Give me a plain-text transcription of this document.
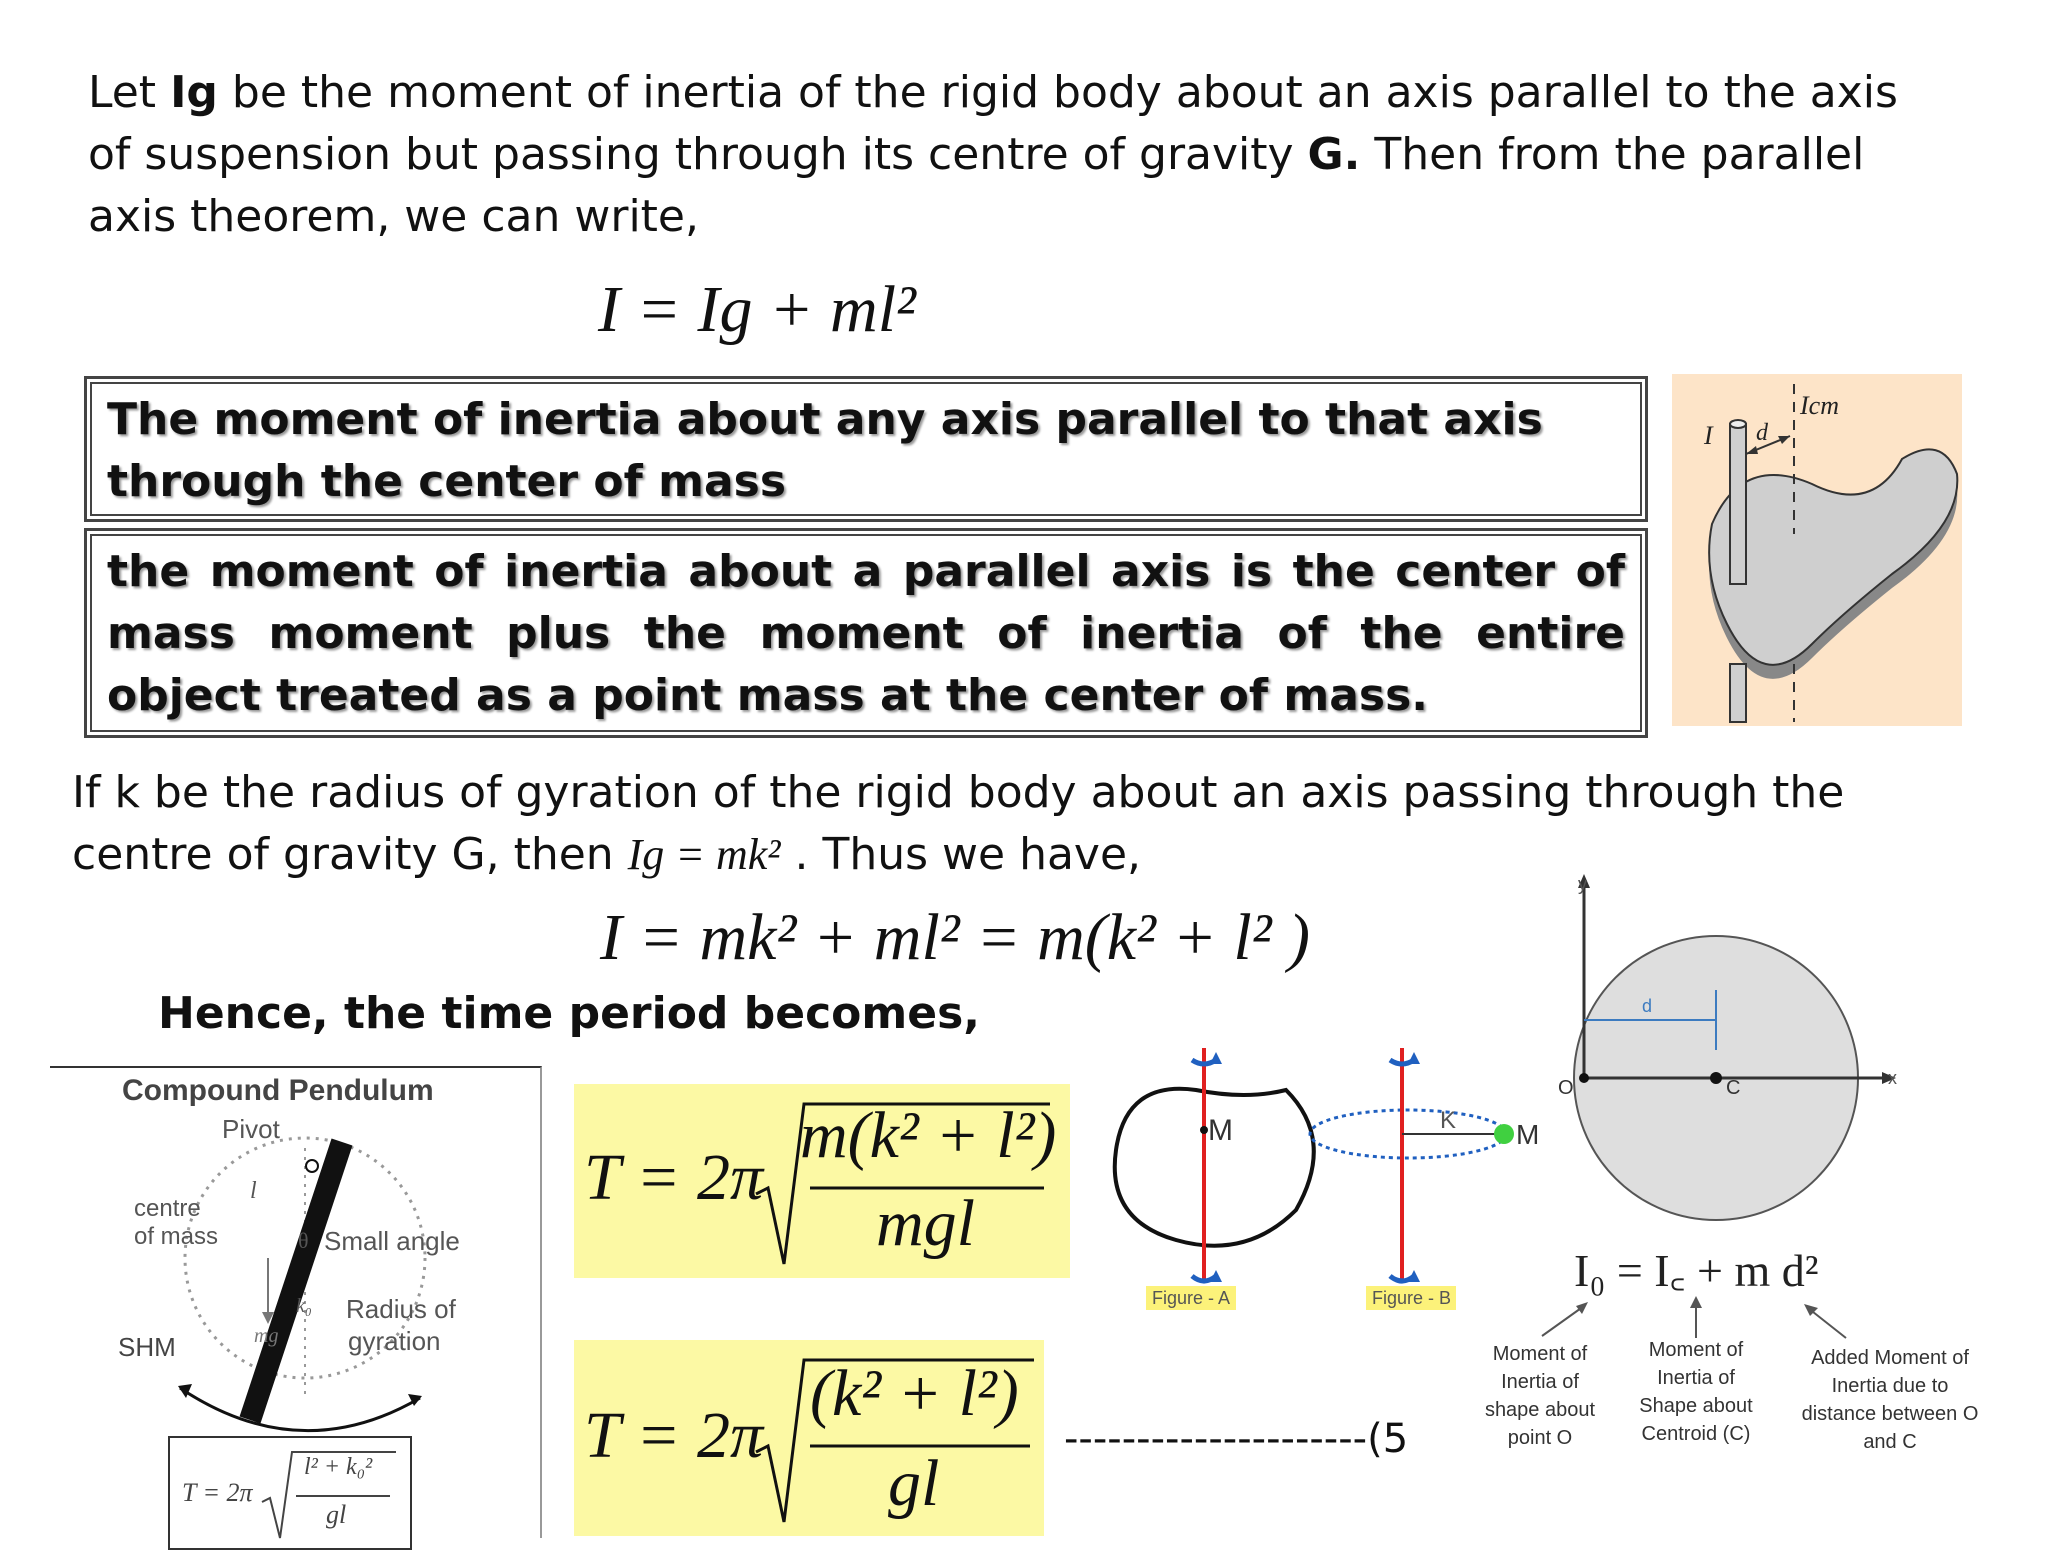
Let Ig be the moment of inertia of the rigid body about an axis parallel to the axis of suspension but passing through its centre of gravity G. Then from the parallel axis theorem, we can write,
I = Ig + ml²
The moment of inertia about any axis parallel to that axis through the center of mass
the moment of inertia about a parallel axis is the center of mass moment plus the moment of inertia of the entire object treated as a point mass at the center of mass.
I d
Icm
If k be the radius of gyration of the rigid body about an axis passing through the centre of gravity G, then Ig = mk² . Thus we have,
I = mk² + ml² = m(k² + l² )
Hence, the time period becomes,
Compound Pendulum
Pivot
l
centre
of mass	θ Small angle
k₀ Radius of
gyration
mg
SHM
T = 2π
l² + k₀²
gl
T = 2π
m(k² + l²)
mgl
T = 2π
(k² + l²)
gl
---------------------(5
M
Figure - A
K M
Figure - B
y
x
O	C
d
I₀ = I꜀ + m d²
Moment of
Inertia of
shape about
point O
Moment of
Inertia of
Shape about
Centroid (C)
Added Moment of
Inertia due to
distance between O
and C
